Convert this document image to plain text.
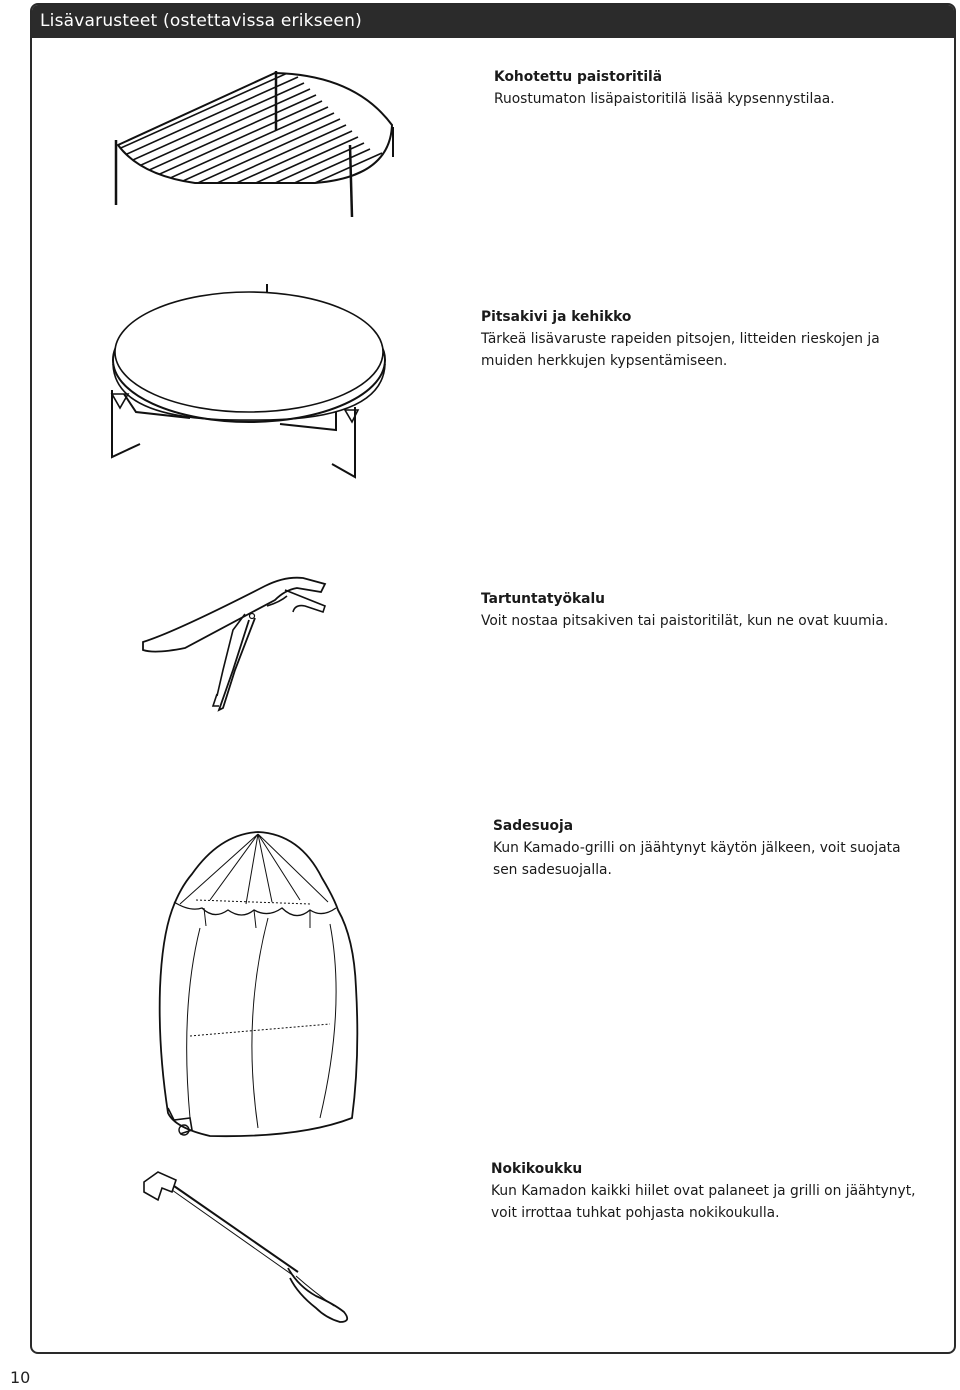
Lisävarusteet (ostettavissa erikseen)
Kohotettu paistoritilä
Ruostumaton lisäpaistoritilä lisää kypsennystilaa.
Pitsakivi ja kehikko
Tärkeä lisävaruste rapeiden pitsojen, litteiden rieskojen ja muiden herkkujen kypsentämiseen.
Tartuntatyökalu
Voit nostaa pitsakiven tai paistoritilät, kun ne ovat kuumia.
Sadesuoja
Kun Kamado-grilli on jäähtynyt käytön jälkeen, voit suojata sen sadesuojalla.
Nokikoukku
Kun Kamadon kaikki hiilet ovat palaneet ja grilli on jäähtynyt, voit irrottaa tuhkat pohjasta nokikoukulla.
10
